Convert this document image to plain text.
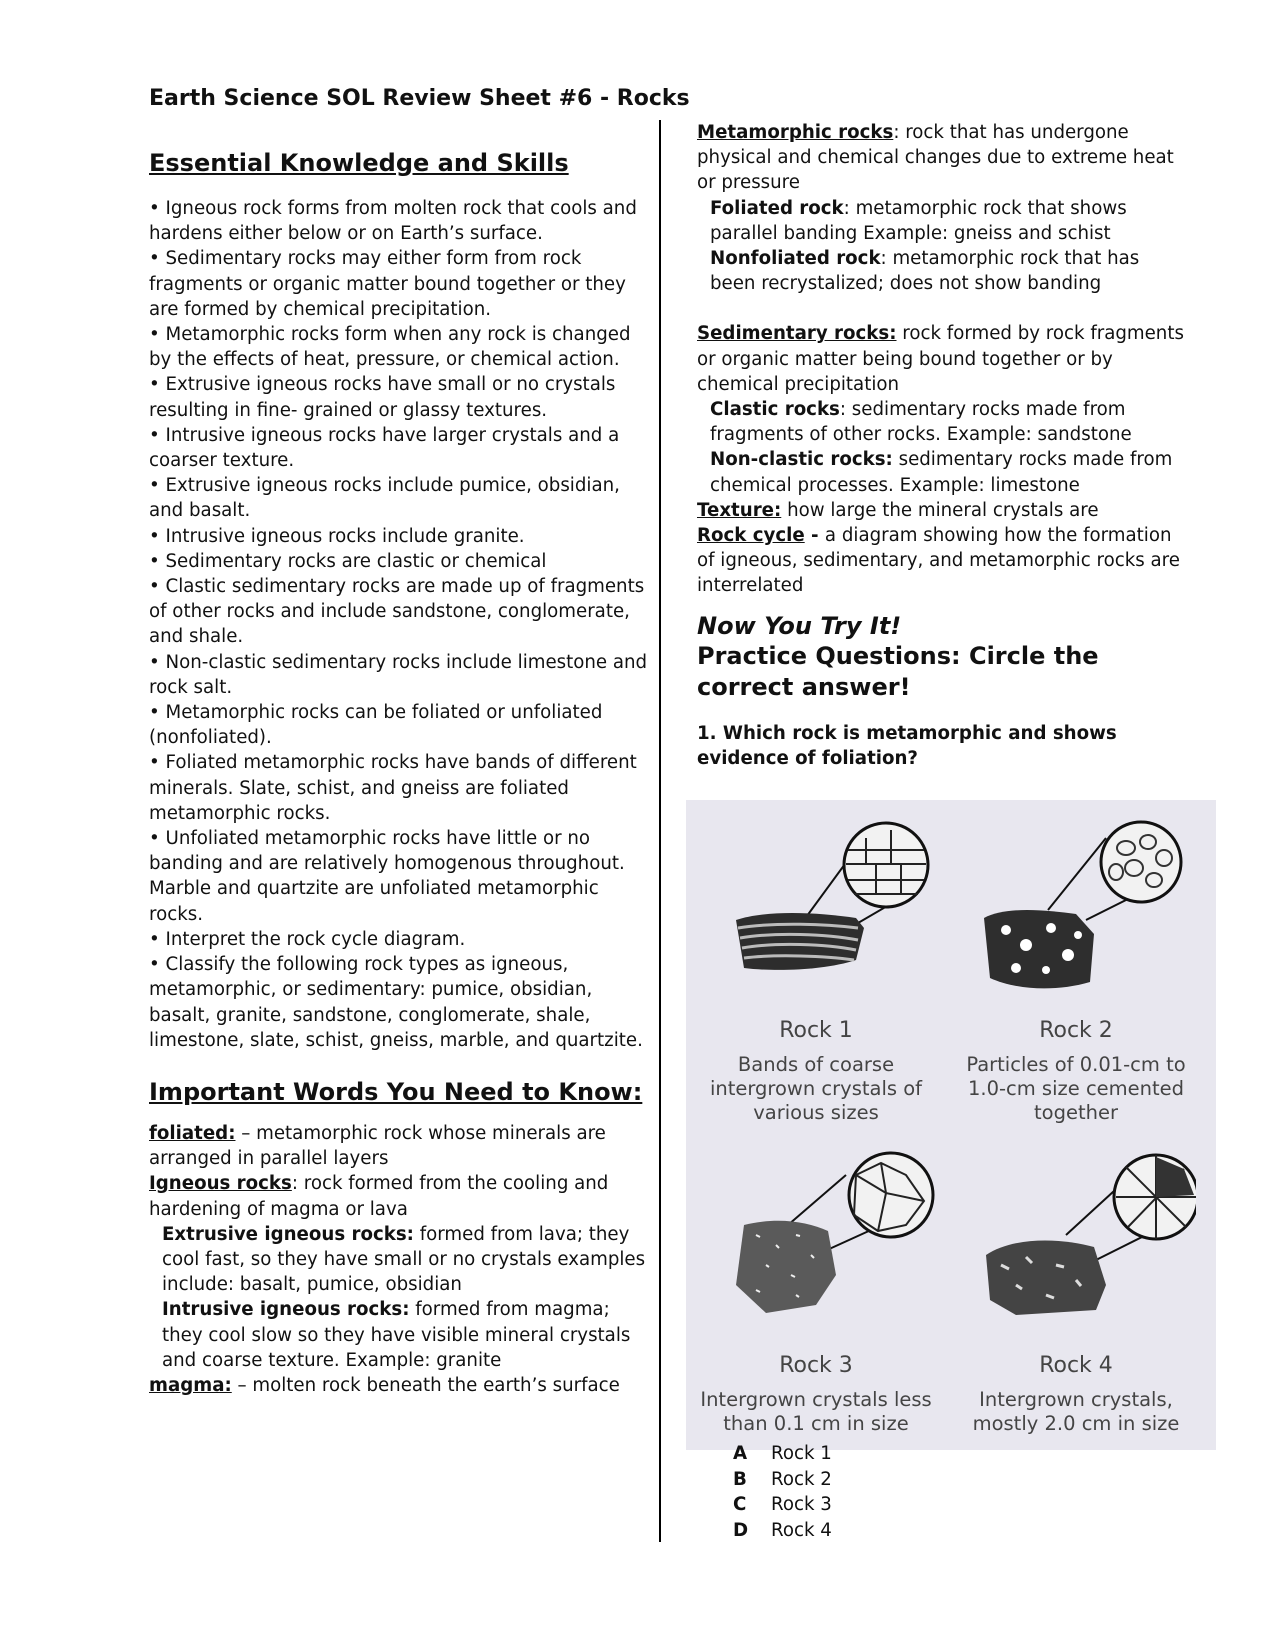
Earth Science SOL Review Sheet #6 - Rocks
Essential Knowledge and Skills
• Igneous rock forms from molten rock that cools and hardens either below or on Earth’s surface.
• Sedimentary rocks may either form from rock fragments or organic matter bound together or they are formed by chemical precipitation.
• Metamorphic rocks form when any rock is changed by the effects of heat, pressure, or chemical action.
• Extrusive igneous rocks have small or no crystals resulting in fine- grained or glassy textures.
• Intrusive igneous rocks have larger crystals and a coarser texture.
• Extrusive igneous rocks include pumice, obsidian, and basalt.
• Intrusive igneous rocks include granite.
• Sedimentary rocks are clastic or chemical
• Clastic sedimentary rocks are made up of fragments of other rocks and include sandstone, conglomerate, and shale.
• Non-clastic sedimentary rocks include limestone and rock salt.
• Metamorphic rocks can be foliated or unfoliated (nonfoliated).
• Foliated metamorphic rocks have bands of different minerals. Slate, schist, and gneiss are foliated metamorphic rocks.
• Unfoliated metamorphic rocks have little or no banding and are relatively homogenous throughout. Marble and quartzite are unfoliated metamorphic rocks.
• Interpret the rock cycle diagram.
• Classify the following rock types as igneous, metamorphic, or sedimentary: pumice, obsidian, basalt, granite, sandstone, conglomerate, shale, limestone, slate, schist, gneiss, marble, and quartzite.
Important Words You Need to Know:

foliated: – metamorphic rock whose minerals are arranged in parallel layers

Igneous rocks: rock formed from the cooling and hardening of magma or lava

Extrusive igneous rocks: formed from lava; they cool fast, so they have small or no crystals examples include: basalt, pumice, obsidian

Intrusive igneous rocks: formed from magma; they cool slow so they have visible mineral crystals and coarse texture. Example: granite

magma: – molten rock beneath the earth’s surface

Metamorphic rocks: rock that has undergone physical and chemical changes due to extreme heat or pressure

Foliated rock: metamorphic rock that shows parallel banding Example: gneiss and schist

Nonfoliated rock: metamorphic rock that has been recrystalized; does not show banding

Sedimentary rocks: rock formed by rock fragments or organic matter being bound together or by chemical precipitation

Clastic rocks: sedimentary rocks made from fragments of other rocks. Example: sandstone

Non-clastic rocks: sedimentary rocks made from chemical processes. Example: limestone

Texture: how large the mineral crystals are

Rock cycle - a diagram showing how the formation of igneous, sedimentary, and metamorphic rocks are interrelated

Now You Try It!
Practice Questions: Circle the correct answer!
1. Which rock is metamorphic and shows evidence of foliation?
Rock 1
Bands of coarse intergrown crystals of various sizes
Rock 2
Particles of 0.01-cm to 1.0-cm size cemented together
Rock 3
Intergrown crystals less than 0.1 cm in size
Rock 4
Intergrown crystals, mostly 2.0 cm in size
A Rock 1
B Rock 2
C Rock 3
D Rock 4
